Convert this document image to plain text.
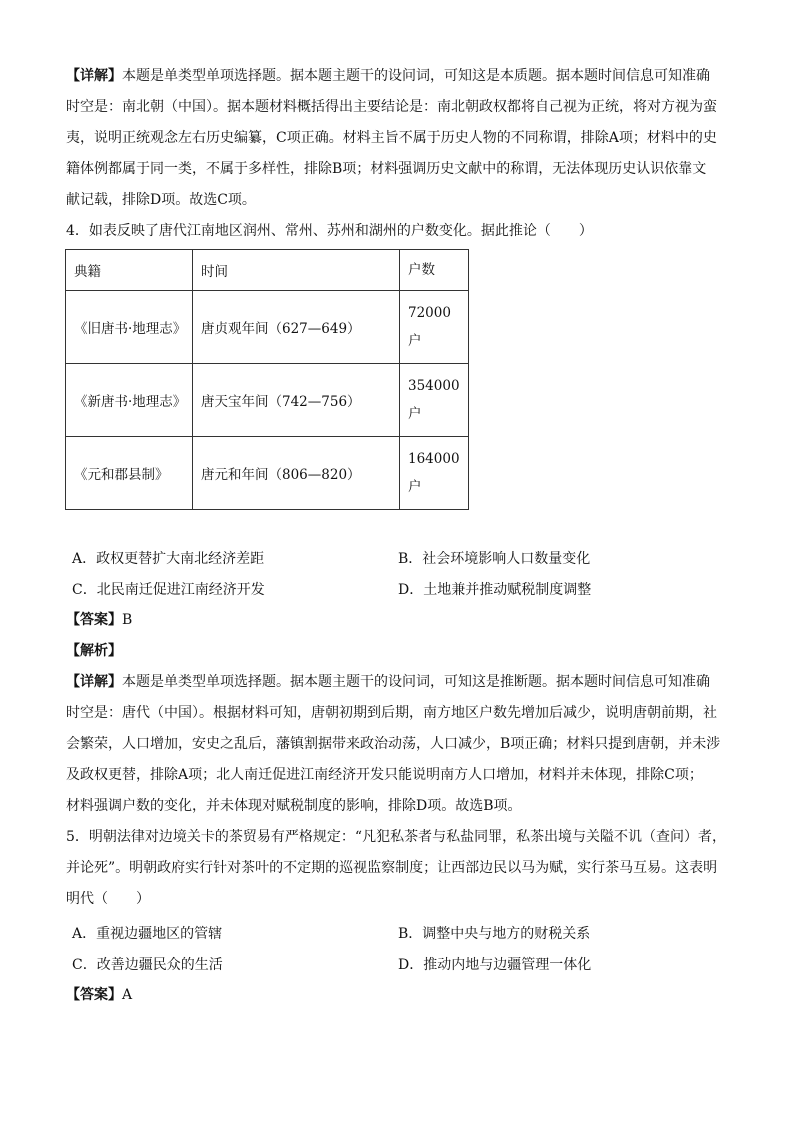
【详解】本题是单类型单项选择题。据本题主题干的设问词，可知这是本质题。据本题时间信息可知准确

时空是：南北朝（中国）。据本题材料概括得出主要结论是：南北朝政权都将自己视为正统，将对方视为蛮

夷，说明正统观念左右历史编纂，C项正确。材料主旨不属于历史人物的不同称谓，排除A项；材料中的史

籍体例都属于同一类，不属于多样性，排除B项；材料强调历史文献中的称谓，无法体现历史认识依靠文

献记载，排除D项。故选C项。

4．如表反映了唐代江南地区润州、常州、苏州和湖州的户数变化。据此推论（　　）

典籍	时间	户数
《旧唐书·地理志》	唐贞观年间（627—649）	72000
户

《新唐书·地理志》	唐天宝年间（742—756）	354000
户

《元和郡县制》	唐元和年间（806—820）	164000
户
A．政权更替扩大南北经济差距	B．社会环境影响人口数量变化
C．北民南迁促进江南经济开发	D．土地兼并推动赋税制度调整

【答案】B

【解析】

【详解】本题是单类型单项选择题。据本题主题干的设问词，可知这是推断题。据本题时间信息可知准确

时空是：唐代（中国）。根据材料可知，唐朝初期到后期，南方地区户数先增加后减少，说明唐朝前期，社

会繁荣，人口增加，安史之乱后，藩镇割据带来政治动荡，人口减少，B项正确；材料只提到唐朝，并未涉

及政权更替，排除A项；北人南迁促进江南经济开发只能说明南方人口增加，材料并未体现，排除C项；

材料强调户数的变化，并未体现对赋税制度的影响，排除D项。故选B项。

5．明朝法律对边境关卡的茶贸易有严格规定：“凡犯私茶者与私盐同罪，私茶出境与关隘不讥（查问）者，

并论死”。明朝政府实行针对茶叶的不定期的巡视监察制度；让西部边民以马为赋，实行茶马互易。这表明

明代（　　）

A．重视边疆地区的管辖	B．调整中央与地方的财税关系
C．改善边疆民众的生活	D．推动内地与边疆管理一体化

【答案】A
